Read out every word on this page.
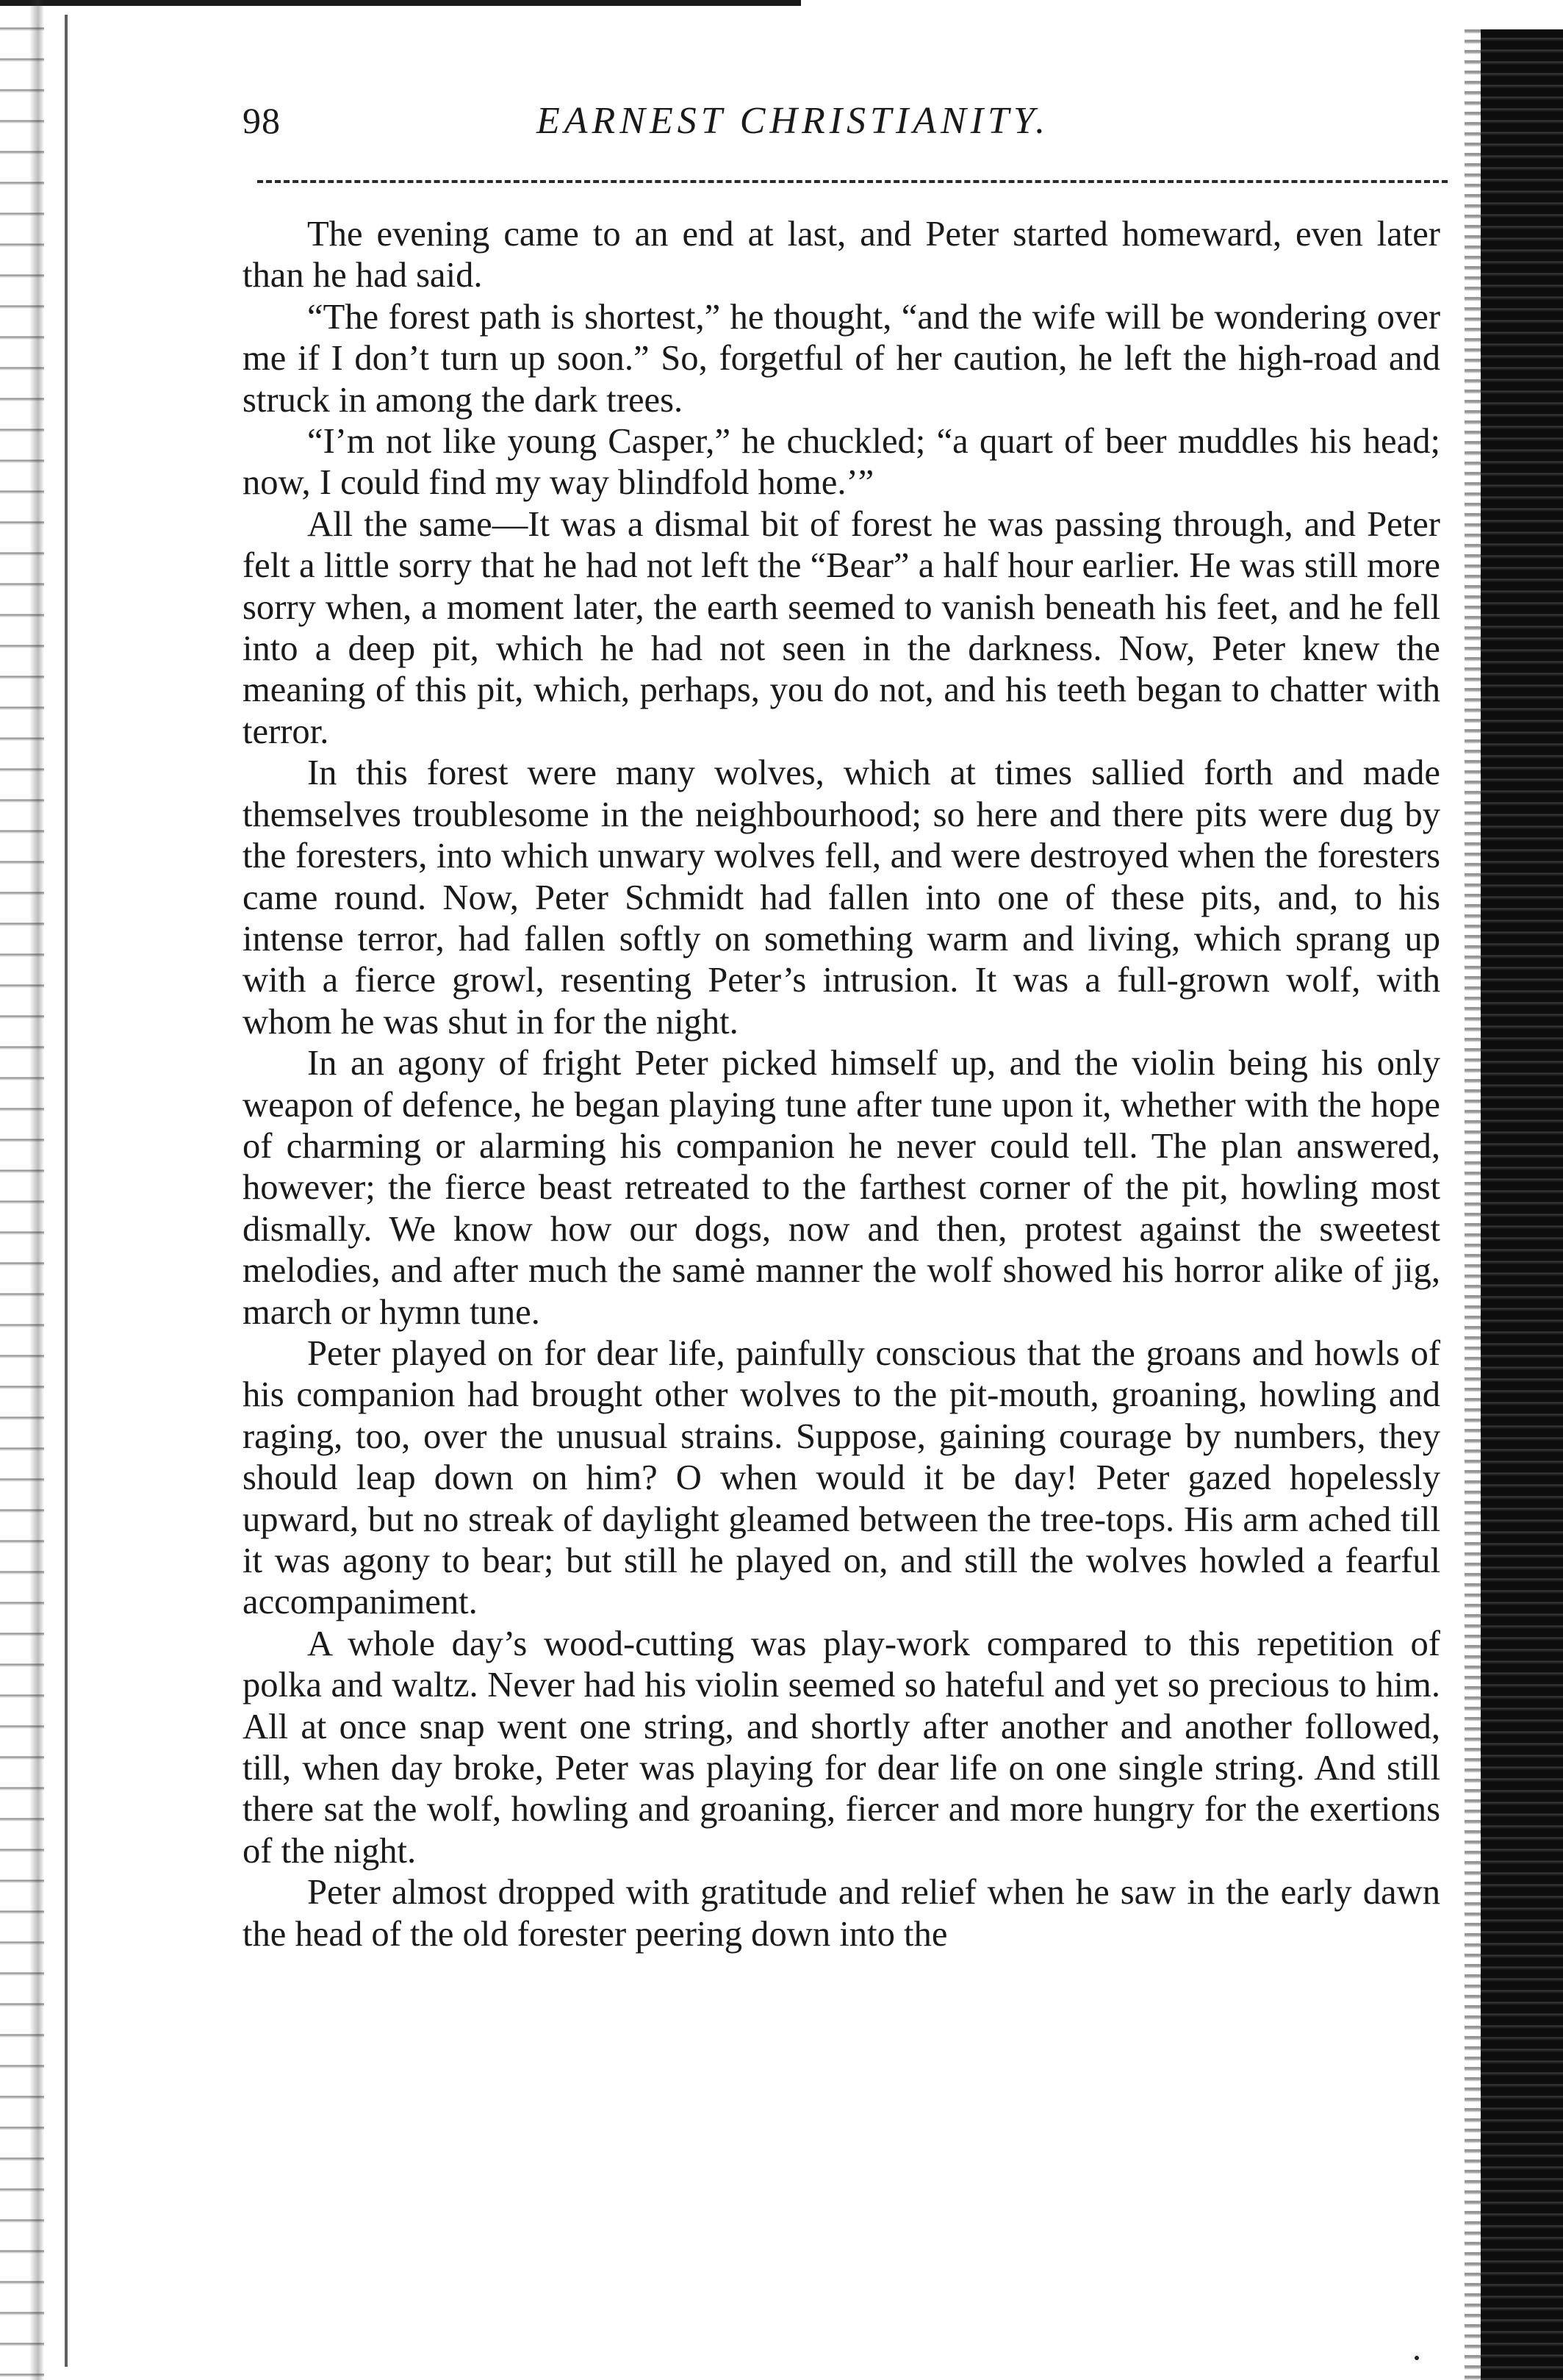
98	EARNEST CHRISTIANITY.

The evening came to an end at last, and Peter started homeward, even later than he had said.

“The forest path is shortest,” he thought, “and the wife will be wondering over me if I don’t turn up soon.” So, forgetful of her caution, he left the high-road and struck in among the dark trees.

“I’m not like young Casper,” he chuckled; “a quart of beer muddles his head; now, I could find my way blindfold home.’”

All the same—It was a dismal bit of forest he was passing through, and Peter felt a little sorry that he had not left the “Bear” a half hour earlier. He was still more sorry when, a moment later, the earth seemed to vanish beneath his feet, and he fell into a deep pit, which he had not seen in the darkness. Now, Peter knew the meaning of this pit, which, perhaps, you do not, and his teeth began to chatter with terror.

In this forest were many wolves, which at times sallied forth and made themselves troublesome in the neighbourhood; so here and there pits were dug by the foresters, into which unwary wolves fell, and were destroyed when the foresters came round. Now, Peter Schmidt had fallen into one of these pits, and, to his intense terror, had fallen softly on something warm and living, which sprang up with a fierce growl, resenting Peter’s intrusion. It was a full-grown wolf, with whom he was shut in for the night.

In an agony of fright Peter picked himself up, and the violin being his only weapon of defence, he began playing tune after tune upon it, whether with the hope of charming or alarming his companion he never could tell. The plan answered, however; the fierce beast retreated to the farthest corner of the pit, howling most dismally. We know how our dogs, now and then, protest against the sweetest melodies, and after much the samė manner the wolf showed his horror alike of jig, march or hymn tune.

Peter played on for dear life, painfully conscious that the groans and howls of his companion had brought other wolves to the pit-mouth, groaning, howling and raging, too, over the unusual strains. Suppose, gaining courage by numbers, they should leap down on him? O when would it be day! Peter gazed hopelessly upward, but no streak of daylight gleamed between the tree-tops. His arm ached till it was agony to bear; but still he played on, and still the wolves howled a fearful accompaniment.

A whole day’s wood-cutting was play-work compared to this repetition of polka and waltz. Never had his violin seemed so hateful and yet so precious to him. All at once snap went one string, and shortly after another and another followed, till, when day broke, Peter was playing for dear life on one single string. And still there sat the wolf, howling and groaning, fiercer and more hungry for the exertions of the night.

Peter almost dropped with gratitude and relief when he saw in the early dawn the head of the old forester peering down into the
